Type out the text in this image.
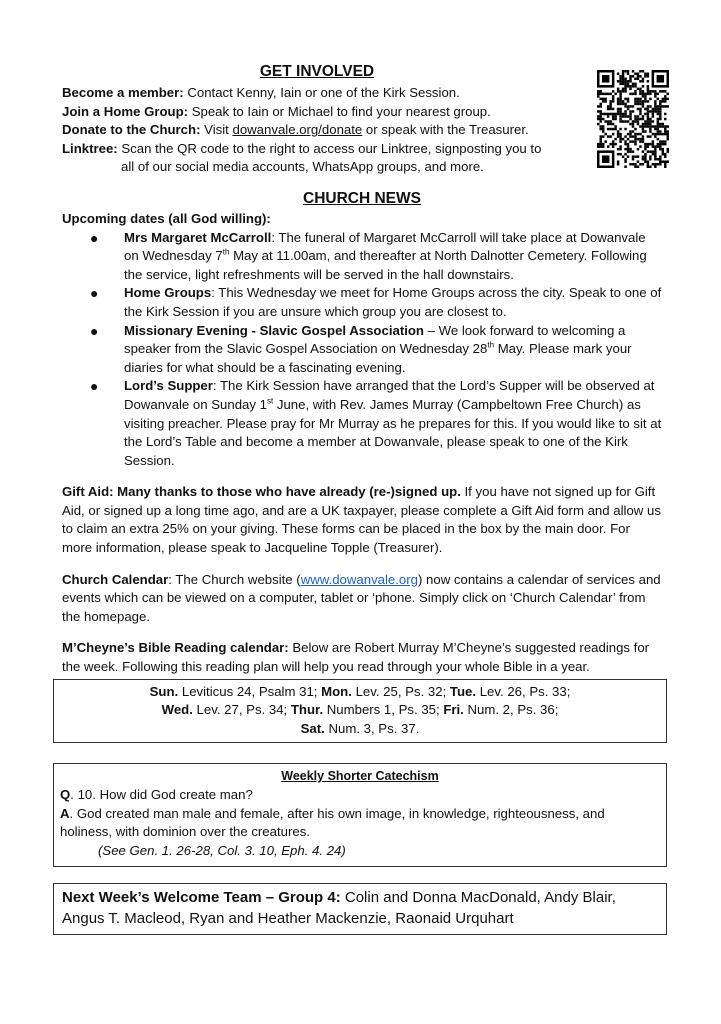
GET INVOLVED

Become a member: Contact Kenny, Iain or one of the Kirk Session.

Join a Home Group: Speak to Iain or Michael to find your nearest group.

Donate to the Church: Visit dowanvale.org/donate or speak with the Treasurer.

Linktree: Scan the QR code to the right to access our Linktree, signposting you to
all of our social media accounts, WhatsApp groups, and more.

CHURCH NEWS

Upcoming dates (all God willing):

● Mrs Margaret McCarroll: The funeral of Margaret McCarroll will take place at Dowanvale on Wednesday 7th May at 11.00am, and thereafter at North Dalnotter Cemetery. Following the service, light refreshments will be served in the hall downstairs.
● Home Groups: This Wednesday we meet for Home Groups across the city. Speak to one of the Kirk Session if you are unsure which group you are closest to.
● Missionary Evening - Slavic Gospel Association – We look forward to welcoming a speaker from the Slavic Gospel Association on Wednesday 28th May. Please mark your diaries for what should be a fascinating evening.
● Lord’s Supper: The Kirk Session have arranged that the Lord’s Supper will be observed at Dowanvale on Sunday 1st June, with Rev. James Murray (Campbeltown Free Church) as visiting preacher. Please pray for Mr Murray as he prepares for this. If you would like to sit at the Lord’s Table and become a member at Dowanvale, please speak to one of the Kirk Session.

Gift Aid: Many thanks to those who have already (re-)signed up. If you have not signed up for Gift Aid, or signed up a long time ago, and are a UK taxpayer, please complete a Gift Aid form and allow us to claim an extra 25% on your giving. These forms can be placed in the box by the main door. For more information, please speak to Jacqueline Topple (Treasurer).

Church Calendar: The Church website (www.dowanvale.org) now contains a calendar of services and events which can be viewed on a computer, tablet or ‘phone. Simply click on ‘Church Calendar’ from the homepage.

M’Cheyne’s Bible Reading calendar: Below are Robert Murray M’Cheyne’s suggested readings for the week. Following this reading plan will help you read through your whole Bible in a year.

Sun. Leviticus 24, Psalm 31; Mon. Lev. 25, Ps. 32; Tue. Lev. 26, Ps. 33;
Wed. Lev. 27, Ps. 34; Thur. Numbers 1, Ps. 35; Fri. Num. 2, Ps. 36;
Sat. Num. 3, Ps. 37.
Weekly Shorter Catechism

Q. 10. How did God create man?

A. God created man male and female, after his own image, in knowledge, righteousness, and holiness, with dominion over the creatures.

(See Gen. 1. 26-28, Col. 3. 10, Eph. 4. 24)

Next Week’s Welcome Team – Group 4: Colin and Donna MacDonald, Andy Blair, Angus T. Macleod, Ryan and Heather Mackenzie, Raonaid Urquhart
